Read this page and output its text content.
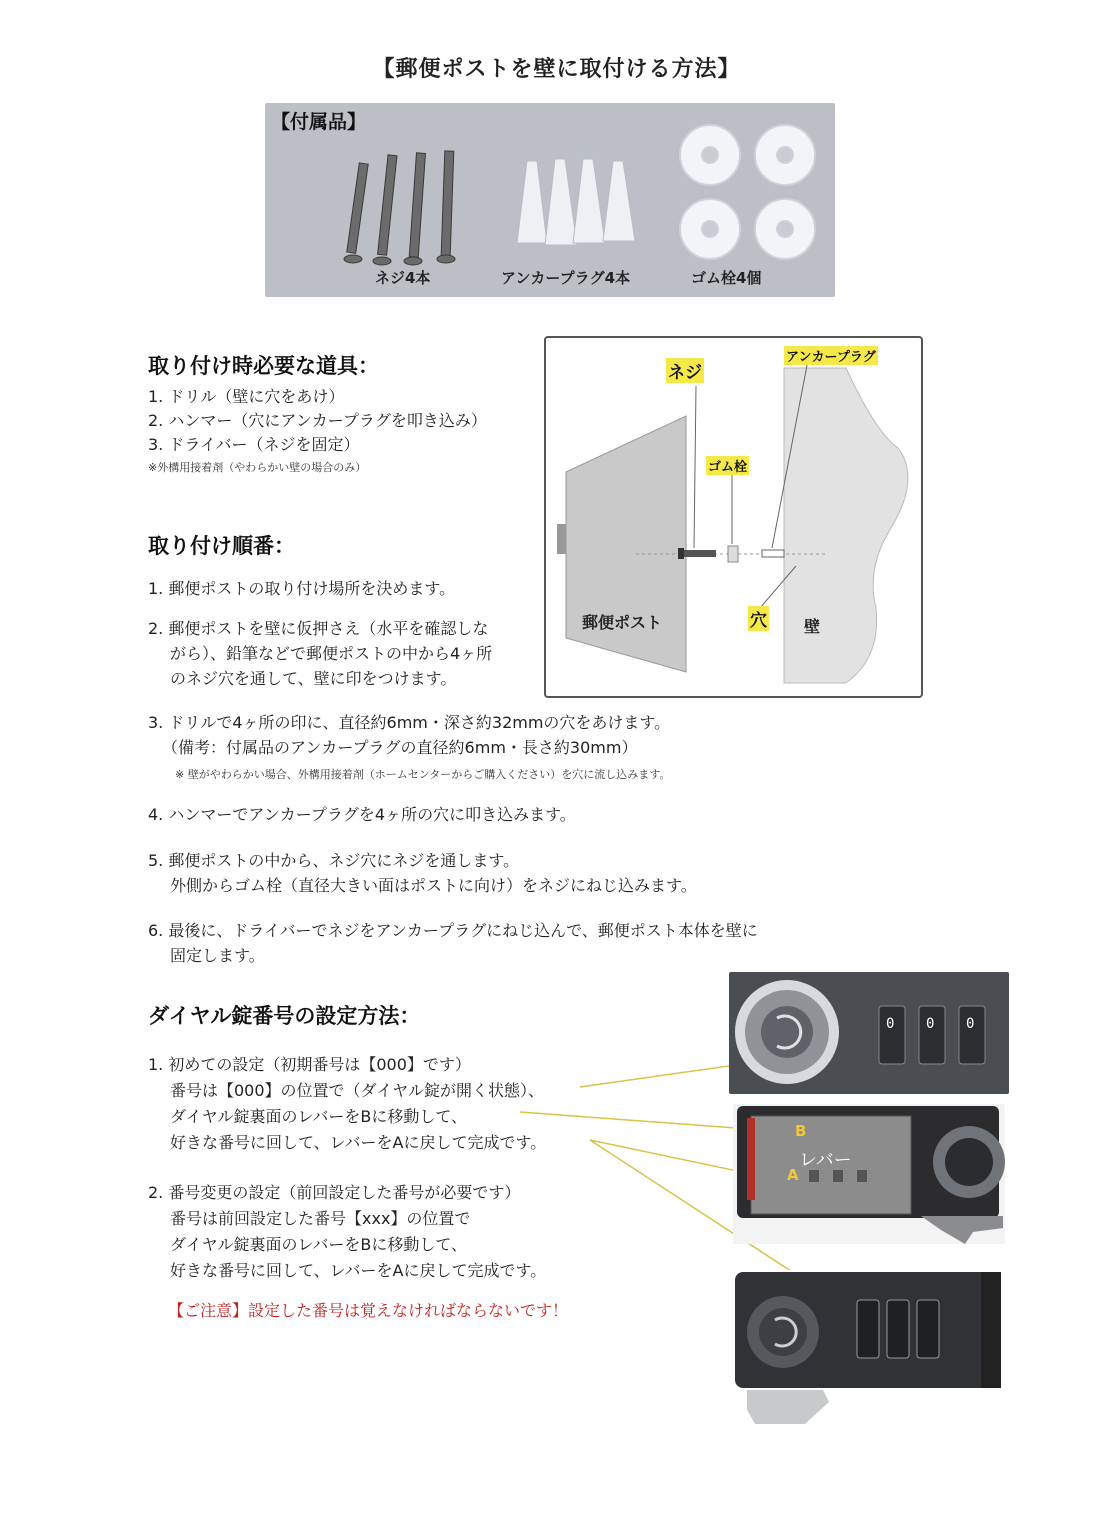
【郵便ポストを壁に取付ける方法】
【付属品】
ネジ4本	アンカープラグ4本	ゴム栓4個
取り付け時必要な道具：
1. ドリル（壁に穴をあけ）
2. ハンマー（穴にアンカープラグを叩き込み）
3. ドライバー（ネジを固定）
※外構用接着剤（やわらかい壁の場合のみ）
ネジ
アンカープラグ
ゴム栓
穴
郵便ポスト	壁
取り付け順番：
1. 郵便ポストの取り付け場所を決めます。
2. 郵便ポストを壁に仮押さえ（水平を確認しな
がら）、鉛筆などで郵便ポストの中から4ヶ所
のネジ穴を通して、壁に印をつけます。
3. ドリルで4ヶ所の印に、直径約6mm・深さ約32mmの穴をあけます。
（備考：付属品のアンカープラグの直径約6mm・長さ約30mm）
※ 壁がやわらかい場合、外構用接着剤（ホームセンターからご購入ください）を穴に流し込みます。
4. ハンマーでアンカープラグを4ヶ所の穴に叩き込みます。
5. 郵便ポストの中から、ネジ穴にネジを通します。
外側からゴム栓（直径大きい面はポストに向け）をネジにねじ込みます。
6. 最後に、ドライバーでネジをアンカープラグにねじ込んで、郵便ポスト本体を壁に
固定します。
ダイヤル錠番号の設定方法：
1. 初めての設定（初期番号は【000】です）
番号は【000】の位置で（ダイヤル錠が開く状態）、
ダイヤル錠裏面のレバーをBに移動して、
好きな番号に回して、レバーをAに戻して完成です。
2. 番号変更の設定（前回設定した番号が必要です）
番号は前回設定した番号【xxx】の位置で
ダイヤル錠裏面のレバーをBに移動して、
好きな番号に回して、レバーをAに戻して完成です。
【ご注意】設定した番号は覚えなければならないです！
0 0 0
B
レバー
A
